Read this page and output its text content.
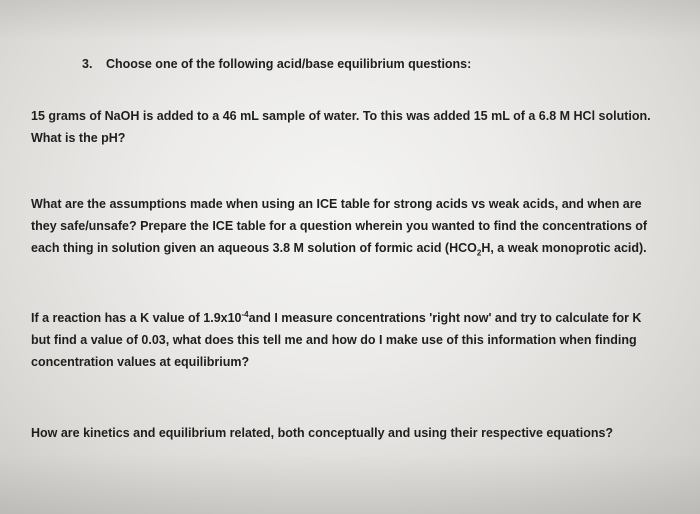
3. Choose one of the following acid/base equilibrium questions:
15 grams of NaOH is added to a 46 mL sample of water. To this was added 15 mL of a 6.8 M HCl solution.
What is the pH?
What are the assumptions made when using an ICE table for strong acids vs weak acids, and when are
they safe/unsafe? Prepare the ICE table for a question wherein you wanted to find the concentrations of
each thing in solution given an aqueous 3.8 M solution of formic acid ($HCO_2H$, a weak monoprotic acid).
If a reaction has a K value of $1.9x10^{-4}and$ I measure concentrations 'right now' and try to calculate for K
but find a value of 0.03, what does this tell me and how do I make use of this information when finding
concentration values at equilibrium?
How are kinetics and equilibrium related, both conceptually and using their respective equations?
